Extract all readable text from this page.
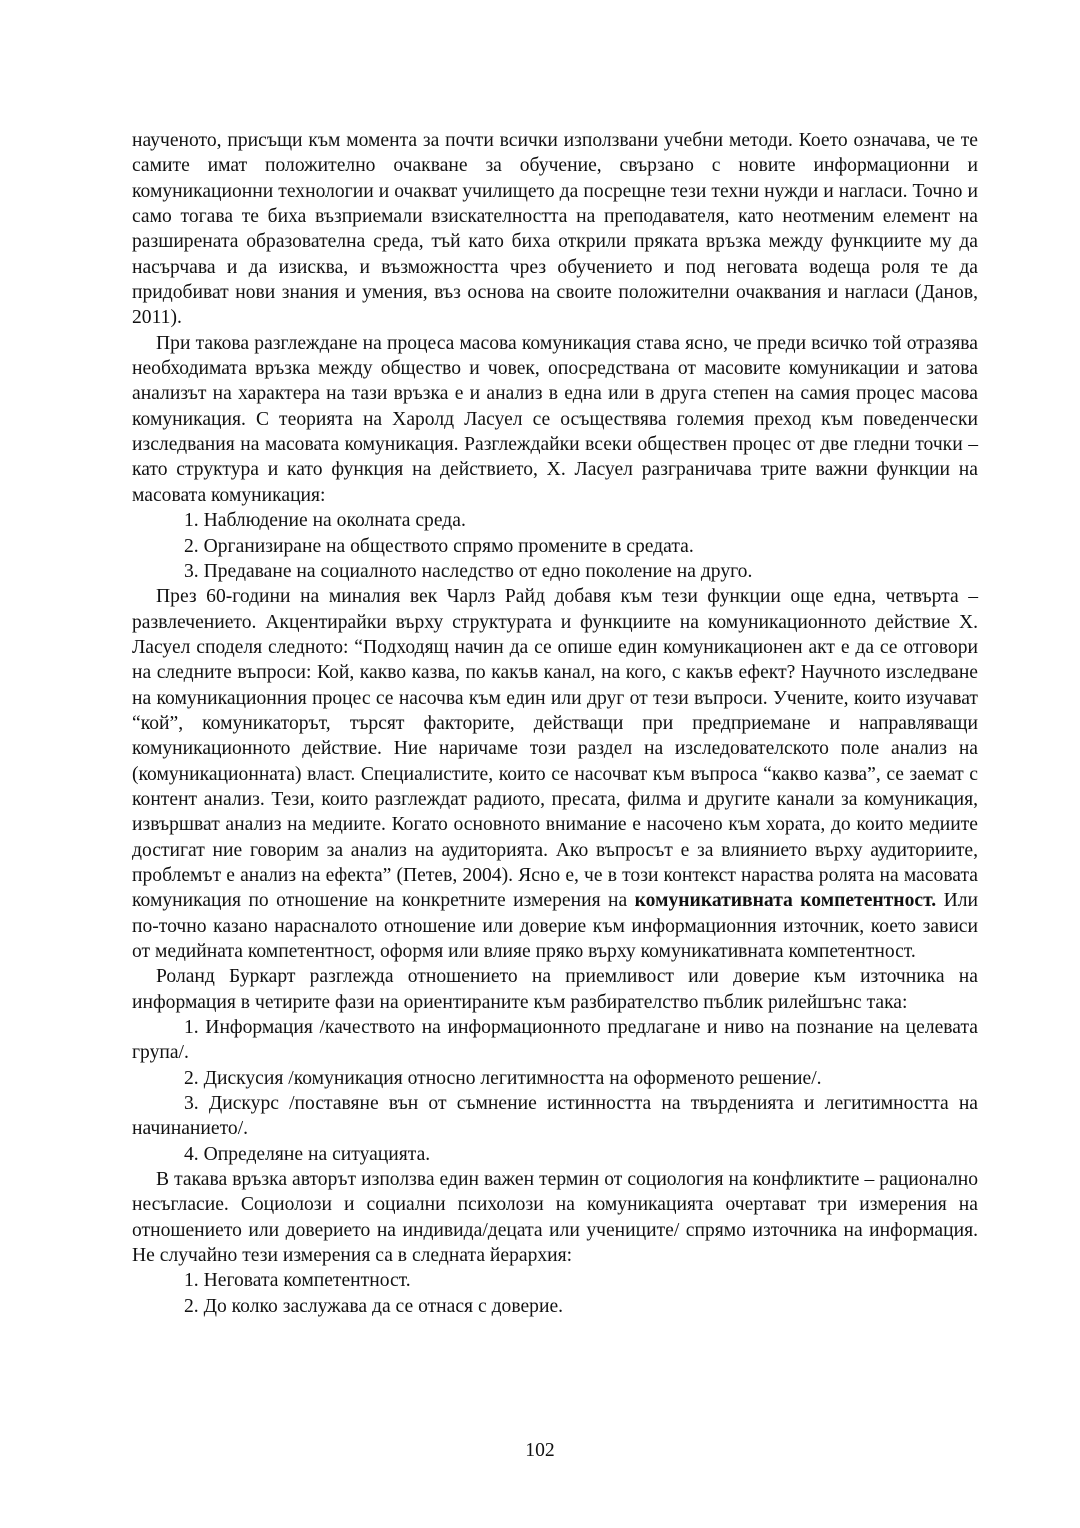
наученото, присъщи към момента за почти всички използвани учебни методи. Което означава, че те самите имат положително очакване за обучение, свързано с новите информационни и комуникационни технологии и очакват училището да посрещне тези техни нужди и нагласи. Точно и само тогава те биха възприемали взискателността на преподавателя, като неотменим елемент на разширената образователна среда, тъй като биха открили пряката връзка между функциите му да насърчава и да изисква, и възможността чрез обучението и под неговата водеща роля те да придобиват нови знания и умения, въз основа на своите положителни очаквания и нагласи (Данов, 2011).

При такова разглеждане на процеса масова комуникация става ясно, че преди всичко той отразява необходимата връзка между общество и човек, опосредствана от масовите комуникации и затова анализът на характера на тази връзка е и анализ в една или в друга степен на самия процес масова комуникация. С теорията на Харолд Ласуел се осъществява големия преход към поведенчески изследвания на масовата комуникация. Разглеждайки всеки обществен процес от две гледни точки – като структура и като функция на действието, Х. Ласуел разграничава трите важни функции на масовата комуникация:

1. Наблюдение на околната среда.

2. Организиране на обществото спрямо промените в средата.

3. Предаване на социалното наследство от едно поколение на друго.

През 60-години на миналия век Чарлз Райд добавя към тези функции още една, четвърта – развлечението. Акцентирайки върху структурата и функциите на комуникационното действие Х. Ласуел споделя следното: “Подходящ начин да се опише един комуникационен акт е да се отговори на следните въпроси: Кой, какво казва, по какъв канал, на кого, с какъв ефект? Научното изследване на комуникационния процес се насочва към един или друг от тези въпроси. Учените, които изучават “кой”, комуникаторът, търсят факторите, действащи при предприемане и направляващи комуникационното действие. Ние наричаме този раздел на изследователското поле анализ на (комуникационната) власт. Специалистите, които се насочват към въпроса “какво казва”, се заемат с контент анализ. Тези, които разглеждат радиото, пресата, филма и другите канали за комуникация, извършват анализ на медиите. Когато основното внимание е насочено към хората, до които медиите достигат ние говорим за анализ на аудиторията. Ако въпросът е за влиянието върху аудиториите, проблемът е анализ на ефекта” (Петев, 2004). Ясно е, че в този контекст нараства ролята на масовата комуникация по отношение на конкретните измерения на комуникативната компетентност. Или по-точно казано нарасналото отношение или доверие към информационния източник, което зависи от медийната компетентност, оформя или влияе пряко върху комуникативната компетентност.

Роланд Буркарт разглежда отношението на приемливост или доверие към източника на информация в четирите фази на ориентираните към разбирателство пъблик рилейшънс така:

1. Информация /качеството на информационното предлагане и ниво на познание на целевата група/.

2. Дискусия /комуникация относно легитимността на оформеното решение/.

3. Дискурс /поставяне вън от съмнение истинността на твърденията и легитимността на начинанието/.

4. Определяне на ситуацията.

В такава връзка авторът използва един важен термин от социология на конфликтите – рационално несъгласие. Социолози и социални психолози на комуникацията очертават три измерения на отношението или доверието на индивида/децата или учениците/ спрямо източника на информация. Не случайно тези измерения са в следната йерархия:

1. Неговата компетентност.

2. До колко заслужава да се отнася с доверие.

102
